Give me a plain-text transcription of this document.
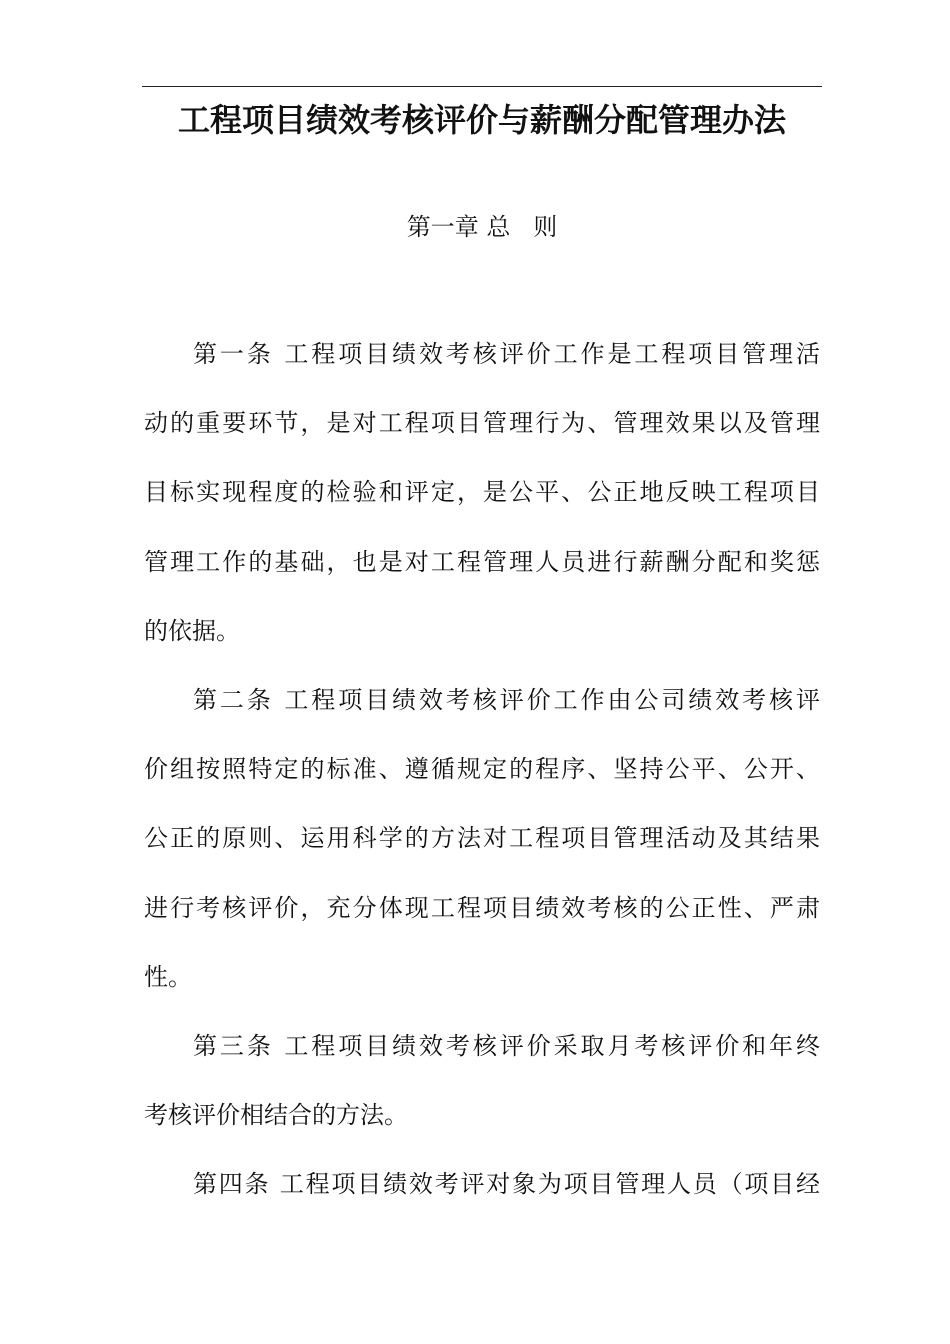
工程项目绩效考核评价与薪酬分配管理办法
第一章 总   则

第一条 工程项目绩效考核评价工作是工程项目管理活
动的重要环节，是对工程项目管理行为、管理效果以及管理
目标实现程度的检验和评定，是公平、公正地反映工程项目
管理工作的基础，也是对工程管理人员进行薪酬分配和奖惩
的依据。

第二条 工程项目绩效考核评价工作由公司绩效考核评
价组按照特定的标准、遵循规定的程序、坚持公平、公开、
公正的原则、运用科学的方法对工程项目管理活动及其结果
进行考核评价，充分体现工程项目绩效考核的公正性、严肃
性。

第三条 工程项目绩效考核评价采取月考核评价和年终
考核评价相结合的方法。

第四条 工程项目绩效考评对象为项目管理人员（项目经
